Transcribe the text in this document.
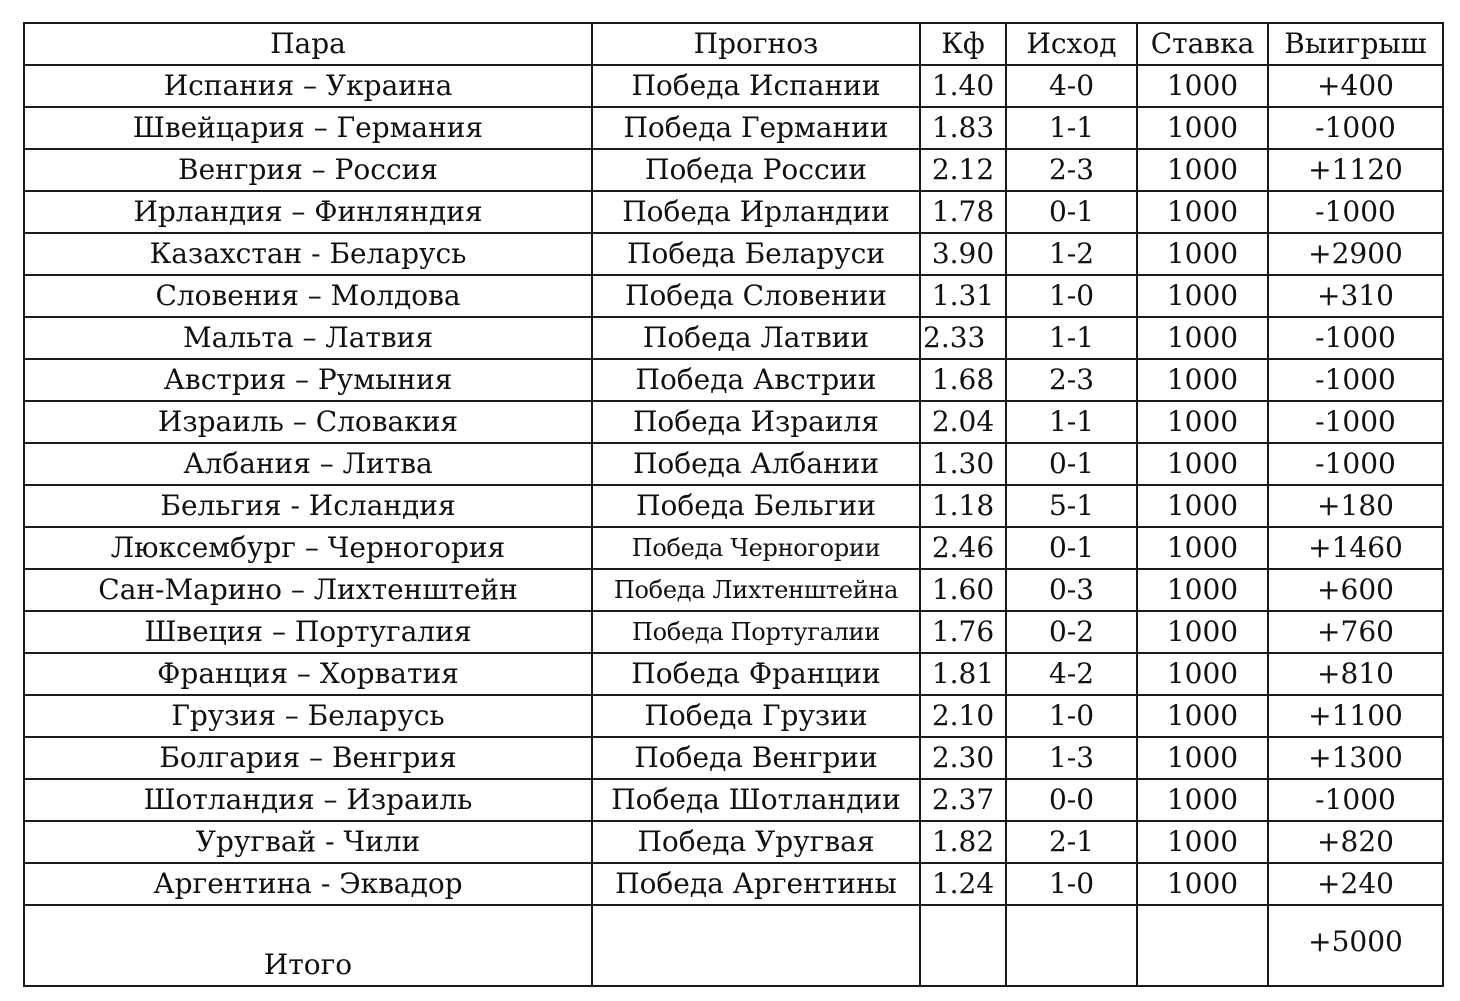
Пара	Прогноз	Кф	Исход	Ставка	Выигрыш
Испания – Украина	Победа Испании	1.40	4-0	1000	+400
Швейцария – Германия	Победа Германии	1.83	1-1	1000	-1000
Венгрия – Россия	Победа России	2.12	2-3	1000	+1120
Ирландия – Финляндия	Победа Ирландии	1.78	0-1	1000	-1000
Казахстан - Беларусь	Победа Беларуси	3.90	1-2	1000	+2900
Словения – Молдова	Победа Словении	1.31	1-0	1000	+310
Мальта – Латвия	Победа Латвии	2.33	1-1	1000	-1000
Австрия – Румыния	Победа Австрии	1.68	2-3	1000	-1000
Израиль – Словакия	Победа Израиля	2.04	1-1	1000	-1000
Албания – Литва	Победа Албании	1.30	0-1	1000	-1000
Бельгия - Исландия	Победа Бельгии	1.18	5-1	1000	+180
Люксембург – Черногория	Победа Черногории	2.46	0-1	1000	+1460
Сан-Марино – Лихтенштейн	Победа Лихтенштейна	1.60	0-3	1000	+600
Швеция – Португалия	Победа Португалии	1.76	0-2	1000	+760
Франция – Хорватия	Победа Франции	1.81	4-2	1000	+810
Грузия – Беларусь	Победа Грузии	2.10	1-0	1000	+1100
Болгария – Венгрия	Победа Венгрии	2.30	1-3	1000	+1300
Шотландия – Израиль	Победа Шотландии	2.37	0-0	1000	-1000
Уругвай - Чили	Победа Уругвая	1.82	2-1	1000	+820
Аргентина - Эквадор	Победа Аргентины	1.24	1-0	1000	+240
Итого					+5000
